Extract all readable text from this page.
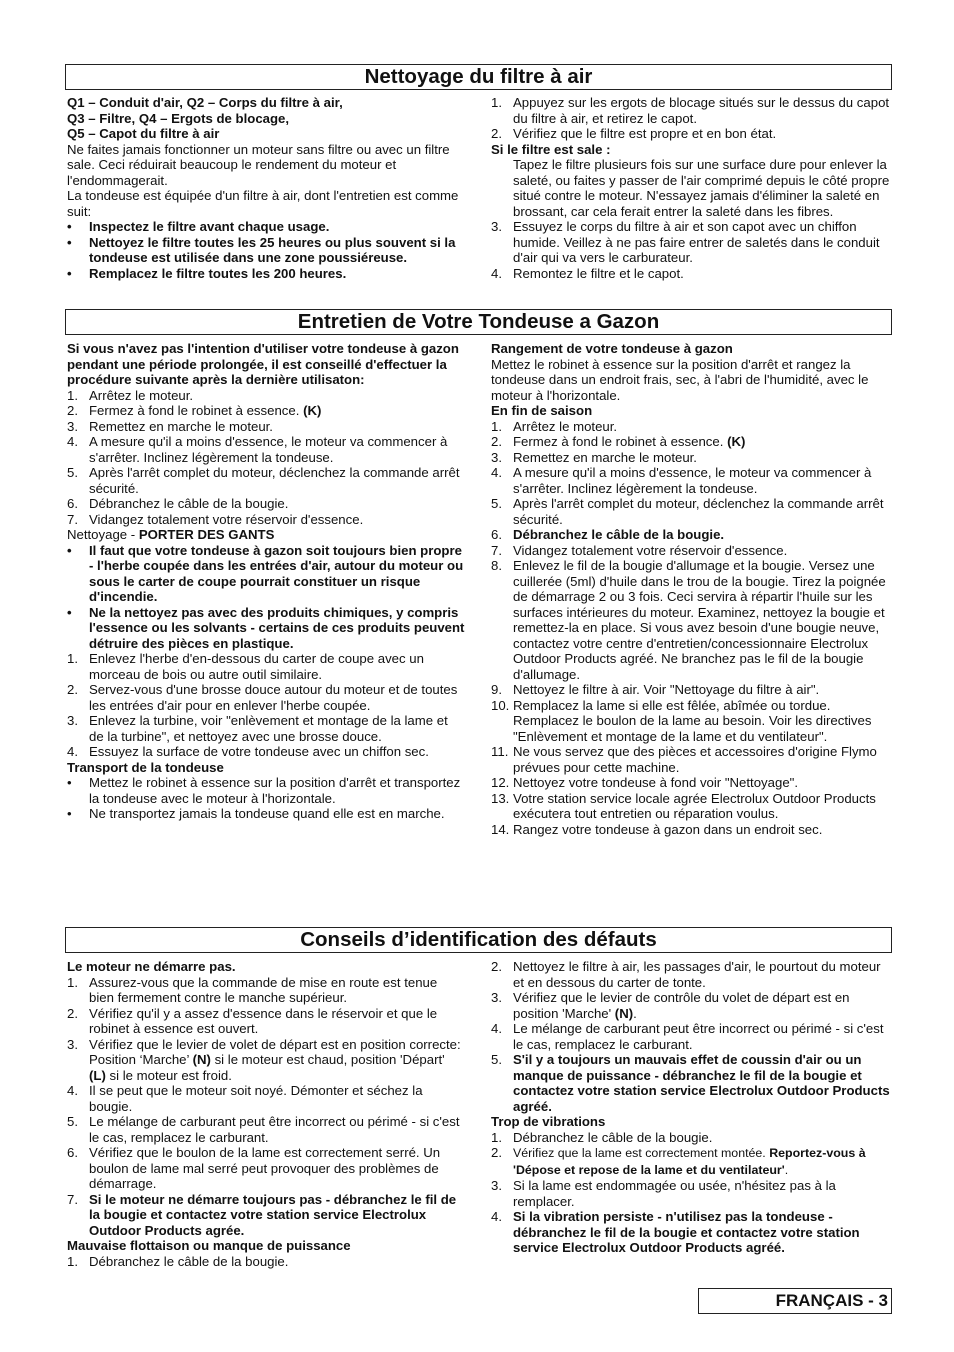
Nettoyage du filtre à air

Q1 – Conduit d'air, Q2 – Corps du filtre à air,

Q3 – Filtre, Q4 – Ergots de blocage,

Q5 – Capot du filtre à air

Ne faites jamais fonctionner un moteur sans filtre ou avec un filtre sale. Ceci réduirait beaucoup le rendement du moteur et l'endommagerait.

La tondeuse est équipée d'un filtre à air, dont l'entretien est comme suit:

•	Inspectez le filtre avant chaque usage.
•	Nettoyez le filtre toutes les 25 heures ou plus souvent si la tondeuse est utilisée dans une zone poussiéreuse.
•	Remplacez le filtre toutes les 200 heures.
1. Appuyez sur les ergots de blocage situés sur le dessus du capot du filtre à air, et retirez le capot.
2. Vérifiez que le filtre est propre et en bon état.

Si le filtre est sale :

Tapez le filtre plusieurs fois sur une surface dure pour enlever la saleté, ou faites y passer de l'air comprimé depuis le côté propre situé contre le moteur. N'essayez jamais d'éliminer la saleté en brossant, car cela ferait entrer la saleté dans les fibres.

3. Essuyez le corps du filtre à air et son capot avec un chiffon humide. Veillez à ne pas faire entrer de saletés dans le conduit d'air qui va vers le carburateur.
4. Remontez le filtre et le capot.
Entretien de Votre Tondeuse a Gazon

Si vous n'avez pas l'intention d'utiliser votre tondeuse à gazon pendant une période prolongée, il est conseillé d'effectuer la procédure suivante après la dernière utilisaton:

1. Arrêtez le moteur.
2. Fermez à fond le robinet à essence. (K)
3. Remettez en marche le moteur.
4. A mesure qu'il a moins d'essence, le moteur va commencer à s'arrêter. Inclinez légèrement la tondeuse.
5. Après l'arrêt complet du moteur, déclenchez la commande arrêt sécurité.
6. Débranchez le câble de la bougie.
7. Vidangez totalement votre réservoir d'essence.

Nettoyage - PORTER DES GANTS

•	Il faut que votre tondeuse à gazon soit toujours bien propre - l'herbe coupée dans les entrées d'air, autour du moteur ou sous le carter de coupe pourrait constituer un risque d'incendie.
•	Ne la nettoyez pas avec des produits chimiques, y compris l'essence ou les solvants - certains de ces produits peuvent détruire des pièces en plastique.
1. Enlevez l'herbe d'en-dessous du carter de coupe avec un morceau de bois ou autre outil similaire.
2. Servez-vous d'une brosse douce autour du moteur et de toutes les entrées d'air pour en enlever l'herbe coupée.
3. Enlevez la turbine, voir "enlèvement et montage de la lame et de la turbine", et nettoyez avec une brosse douce.
4. Essuyez la surface de votre tondeuse avec un chiffon sec.

Transport de la tondeuse

•	Mettez le robinet à essence sur la position d'arrêt et transportez la tondeuse avec le moteur à l'horizontale.
•	Ne transportez jamais la tondeuse quand elle est en marche.

Rangement de votre tondeuse à gazon

Mettez le robinet à essence sur la position d'arrêt et rangez la tondeuse dans un endroit frais, sec, à l'abri de l'humidité, avec le moteur à l'horizontale.

En fin de saison

1. Arrêtez le moteur.
2. Fermez à fond le robinet à essence. (K)
3. Remettez en marche le moteur.
4. A mesure qu'il a moins d'essence, le moteur va commencer à s'arrêter. Inclinez légèrement la tondeuse.
5. Après l'arrêt complet du moteur, déclenchez la commande arrêt sécurité.
6. Débranchez le câble de la bougie.
7. Vidangez totalement votre réservoir d'essence.
8. Enlevez le fil de la bougie d'allumage et la bougie. Versez une cuillerée (5ml) d'huile dans le trou de la bougie. Tirez la poignée de démarrage 2 ou 3 fois. Ceci servira à répartir l'huile sur les surfaces intérieures du moteur. Examinez, nettoyez la bougie et remettez-la en place. Si vous avez besoin d'une bougie neuve, contactez votre centre d'entretien/concessionnaire Electrolux Outdoor Products agréé. Ne branchez pas le fil de la bougie d'allumage.
9. Nettoyez le filtre à air. Voir "Nettoyage du filtre à air".
10. Remplacez la lame si elle est fêlée, abîmée ou tordue. Remplacez le boulon de la lame au besoin. Voir les directives "Enlèvement et montage de la lame et du ventilateur".
11. Ne vous servez que des pièces et accessoires d'origine Flymo prévues pour cette machine.
12. Nettoyez votre tondeuse à fond voir "Nettoyage".
13. Votre station service locale agrée Electrolux Outdoor Products exécutera tout entretien ou réparation voulus.
14. Rangez votre tondeuse à gazon dans un endroit sec.
Conseils d’identification des défauts

Le moteur ne démarre pas.

1. Assurez-vous que la commande de mise en route est tenue bien fermement contre le manche supérieur.
2. Vérifiez qu'il y a assez d'essence dans le réservoir et que le robinet à essence est ouvert.
3. Vérifiez que le levier de volet de départ est en position correcte: Position ‘Marche’ (N) si le moteur est chaud, position 'Départ' (L) si le moteur est froid.
4. Il se peut que le moteur soit noyé. Démonter et séchez la bougie.
5. Le mélange de carburant peut être incorrect ou périmé - si c'est le cas, remplacez le carburant.
6. Vérifiez que le boulon de la lame est correctement serré. Un boulon de lame mal serré peut provoquer des problèmes de démarrage.
7. Si le moteur ne démarre toujours pas - débranchez le fil de la bougie et contactez votre station service Electrolux Outdoor Products agrée.

Mauvaise flottaison ou manque de puissance

1. Débranchez le câble de la bougie.
2. Nettoyez le filtre à air, les passages d'air, le pourtout du moteur et en dessous du carter de tonte.
3. Vérifiez que le levier de contrôle du volet de départ est en position 'Marche' (N).
4. Le mélange de carburant peut être incorrect ou périmé - si c'est le cas, remplacez le carburant.
5. S'il y a toujours un mauvais effet de coussin d'air ou un manque de puissance - débranchez le fil de la bougie et contactez votre station service Electrolux Outdoor Products agréé.

Trop de vibrations

1. Débranchez le câble de la bougie.
2. Vérifiez que la lame est correctement montée. Reportez-vous à 'Dépose et repose de la lame et du ventilateur'.
3. Si la lame est endommagée ou usée, n'hésitez pas à la remplacer.
4. Si la vibration persiste - n'utilisez pas la tondeuse - débranchez le fil de la bougie et contactez votre station service Electrolux Outdoor Products agréé.
FRANÇAIS - 3
